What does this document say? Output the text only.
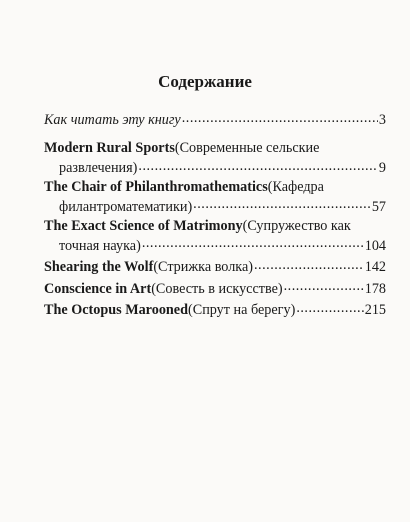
Содержание
Как читать эту книгу .....	3
Modern Rural Sports (Современные сельские
развлечения) .....	9
The Chair of Philanthromathematics (Кафедра
филантроматематики) .....	57
The Exact Science of Matrimony (Супружество как
точная наука) .....	104
Shearing the Wolf (Стрижка волка) .....	142
Conscience in Art (Совесть в искусстве) .....	178
The Octopus Marooned (Спрут на берегу) .....	215
